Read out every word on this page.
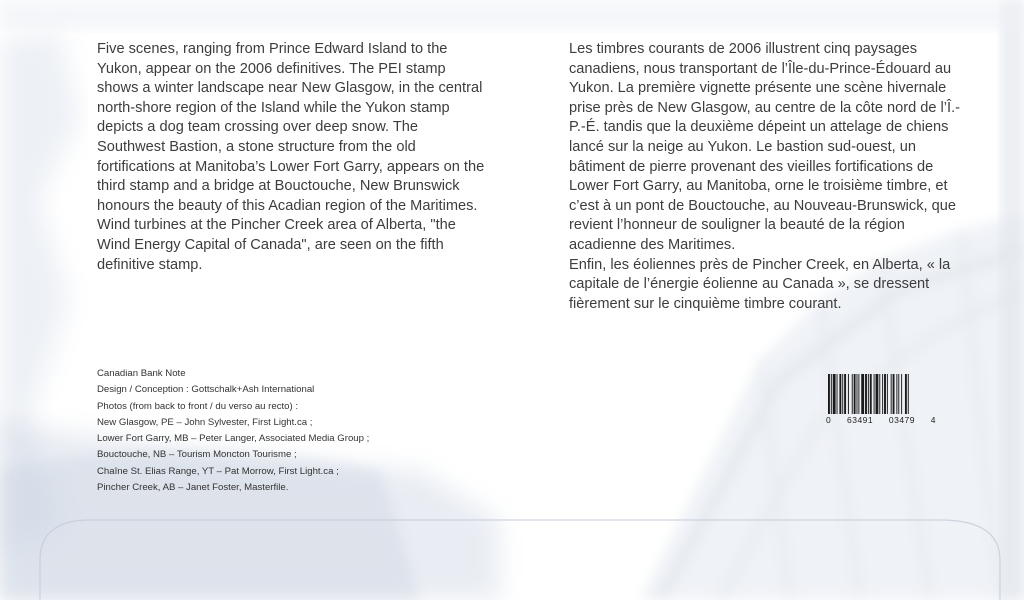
Five scenes, ranging from Prince Edward Island to the Yukon, appear on the 2006 definitives. The PEI stamp shows a winter landscape near New Glasgow, in the central north-shore region of the Island while the Yukon stamp depicts a dog team crossing over deep snow. The Southwest Bastion, a stone structure from the old fortifications at Manitoba’s Lower Fort Garry, appears on the third stamp and a bridge at Bouctouche, New Brunswick honours the beauty of this Acadian region of the Maritimes. Wind turbines at the Pincher Creek area of Alberta, "the Wind Energy Capital of Canada", are seen on the fifth definitive stamp.

Les timbres courants de 2006 illustrent cinq paysages canadiens, nous transportant de l’Île-du-Prince-Édouard au Yukon. La première vignette présente une scène hivernale prise près de New Glasgow, au centre de la côte nord de l’Î.-P.-É. tandis que la deuxième dépeint un attelage de chiens lancé sur la neige au Yukon. Le bastion sud-ouest, un bâtiment de pierre provenant des vieilles fortifications de Lower Fort Garry, au Manitoba, orne le troisième timbre, et c’est à un pont de Bouctouche, au Nouveau-Brunswick, que revient l’honneur de souligner la beauté de la région acadienne des Maritimes.

Enfin, les éoliennes près de Pincher Creek, en Alberta, « la capitale de l’énergie éolienne au Canada », se dressent fièrement sur le cinquième timbre courant.

Canadian Bank Note
Design / Conception : Gottschalk+Ash International
Photos (from back to front / du verso au recto) :
New Glasgow, PE – John Sylvester, First Light.ca ;
Lower Fort Garry, MB – Peter Langer, Associated Media Group ;
Bouctouche, NB – Tourism Moncton Tourisme ;
Chaîne St. Elias Range, YT – Pat Morrow, First Light.ca ;
Pincher Creek, AB – Janet Foster, Masterfile.
0 63491 03479 4
